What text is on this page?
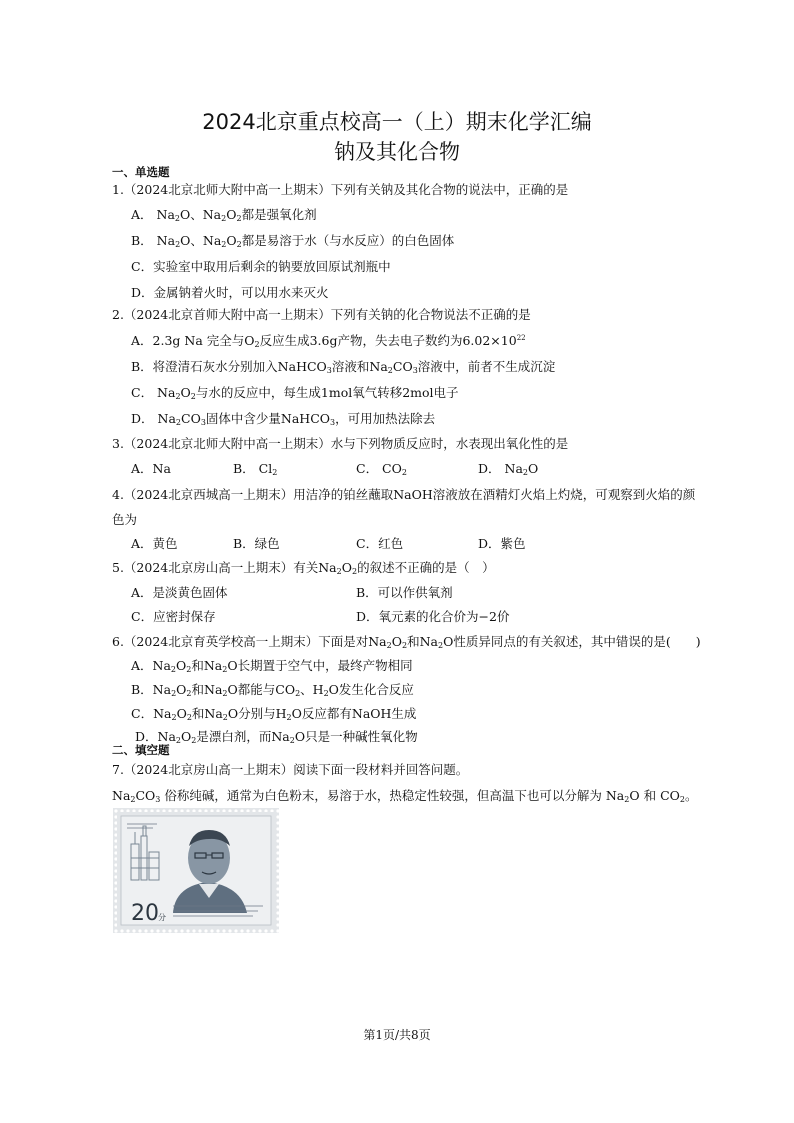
2024北京重点校高一（上）期末化学汇编
钠及其化合物
一、单选题
1.（2024北京北师大附中高一上期末）下列有关钠及其化合物的说法中，正确的是
A． $Na_2O$、$Na_2O_2$都是强氧化剂
B． $Na_2O$、$Na_2O_2$都是易溶于水（与水反应）的白色固体
C．实验室中取用后剩余的钠要放回原试剂瓶中
D．金属钠着火时，可以用水来灭火
2.（2024北京首师大附中高一上期末）下列有关钠的化合物说法不正确的是
A．2.3g Na 完全与$O_2$反应生成3.6g产物，失去电子数约为$6.02\times 10^{22}$
B．将澄清石灰水分别加入NaHCO$_3$溶液和$Na_2CO_3$溶液中，前者不生成沉淀
C． $Na_2O_2$与水的反应中，每生成1mol氧气转移2mol电子
D． $Na_2CO_3$固体中含少量NaHCO$_3$，可用加热法除去
3.（2024北京北师大附中高一上期末）水与下列物质反应时，水表现出氧化性的是
A．Na	B． $Cl_2$	C． $CO_2$	D． $Na_2O$
4.（2024北京西城高一上期末）用洁净的铂丝蘸取NaOH溶液放在酒精灯火焰上灼烧，可观察到火焰的颜
色为
A．黄色	B．绿色	C．红色	D．紫色
5.（2024北京房山高一上期末）有关$Na_2O_2$的叙述不正确的是（　）
A．是淡黄色固体	B．可以作供氧剂
C．应密封保存	D．氧元素的化合价为−2价
6.（2024北京育英学校高一上期末）下面是对$Na_2O_2$和$Na_2O$性质异同点的有关叙述，其中错误的是(　　)
A．$Na_2O_2$和$Na_2O$长期置于空气中，最终产物相同
B．$Na_2O_2$和$Na_2O$都能与$CO_2$、$H_2O$发生化合反应
C．$Na_2O_2$和$Na_2O$分别与$H_2O$反应都有NaOH生成
D．$Na_2O_2$是漂白剂，而$Na_2O$只是一种碱性氧化物
二、填空题
7.（2024北京房山高一上期末）阅读下面一段材料并回答问题。
$Na_2CO_3$ 俗称纯碱，通常为白色粉末，易溶于水，热稳定性较强，但高温下也可以分解为 $Na_2O$ 和 $CO_2$。
20 分
第1页/共8页
